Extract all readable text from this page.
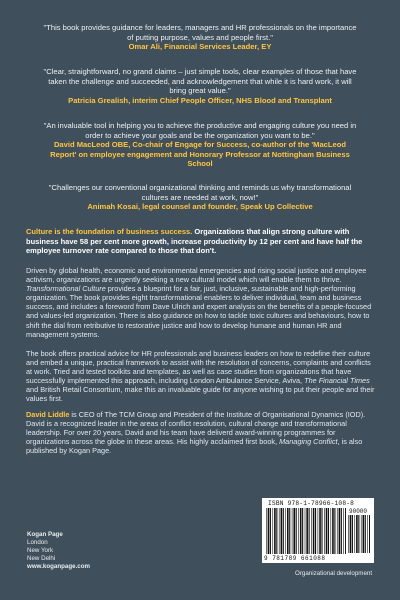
"This book provides guidance for leaders, managers and HR professionals on the importance of putting purpose, values and people first."
Omar Ali, Financial Services Leader, EY
"Clear, straightforward, no grand claims – just simple tools, clear examples of those that have taken the challenge and succeeded, and acknowledgement that while it is hard work, it will bring great value."
Patricia Grealish, interim Chief People Officer, NHS Blood and Transplant
"An invaluable tool in helping you to achieve the productive and engaging culture you need in order to achieve your goals and be the organization you want to be."
David MacLeod OBE, Co-chair of Engage for Success, co-author of the 'MacLeod Report' on employee engagement and Honorary Professor at Nottingham Business School
"Challenges our conventional organizational thinking and reminds us why transformational cultures are needed at work, now!"
Animah Kosai, legal counsel and founder, Speak Up Collective
Culture is the foundation of business success. Organizations that align strong culture with business have 58 per cent more growth, increase productivity by 12 per cent and have half the employee turnover rate compared to those that don't.
Driven by global health, economic and environmental emergencies and rising social justice and employee activism, organizations are urgently seeking a new cultural model which will enable them to thrive. Transformational Culture provides a blueprint for a fair, just, inclusive, sustainable and high-performing organization. The book provides eight transformational enablers to deliver individual, team and business success, and includes a foreword from Dave Ulrich and expert analysis on the benefits of a people-focused and values-led organization. There is also guidance on how to tackle toxic cultures and behaviours, how to shift the dial from retributive to restorative justice and how to develop humane and human HR and management systems.
The book offers practical advice for HR professionals and business leaders on how to redefine their culture and embed a unique, practical framework to assist with the resolution of concerns, complaints and conflicts at work. Tried and tested toolkits and templates, as well as case studies from organizations that have successfully implemented this approach, including London Ambulance Service, Aviva, The Financial Times and British Retail Consortium, make this an invaluable guide for anyone wishing to put their people and their values first.
David Liddle is CEO of The TCM Group and President of the Institute of Organisational Dynamics (IOD). David is a recognized leader in the areas of conflict resolution, cultural change and transformational leadership. For over 20 years, David and his team have deliverd award-winning programmes for organizations across the globe in these areas. His highly acclaimed first book, Managing Conflict, is also published by Kogan Page.
Kogan Page
London
New York
New Delhi
www.koganpage.com
ISBN 978-1-78966-108-8
90000
9 781789 661088
Organizational development
